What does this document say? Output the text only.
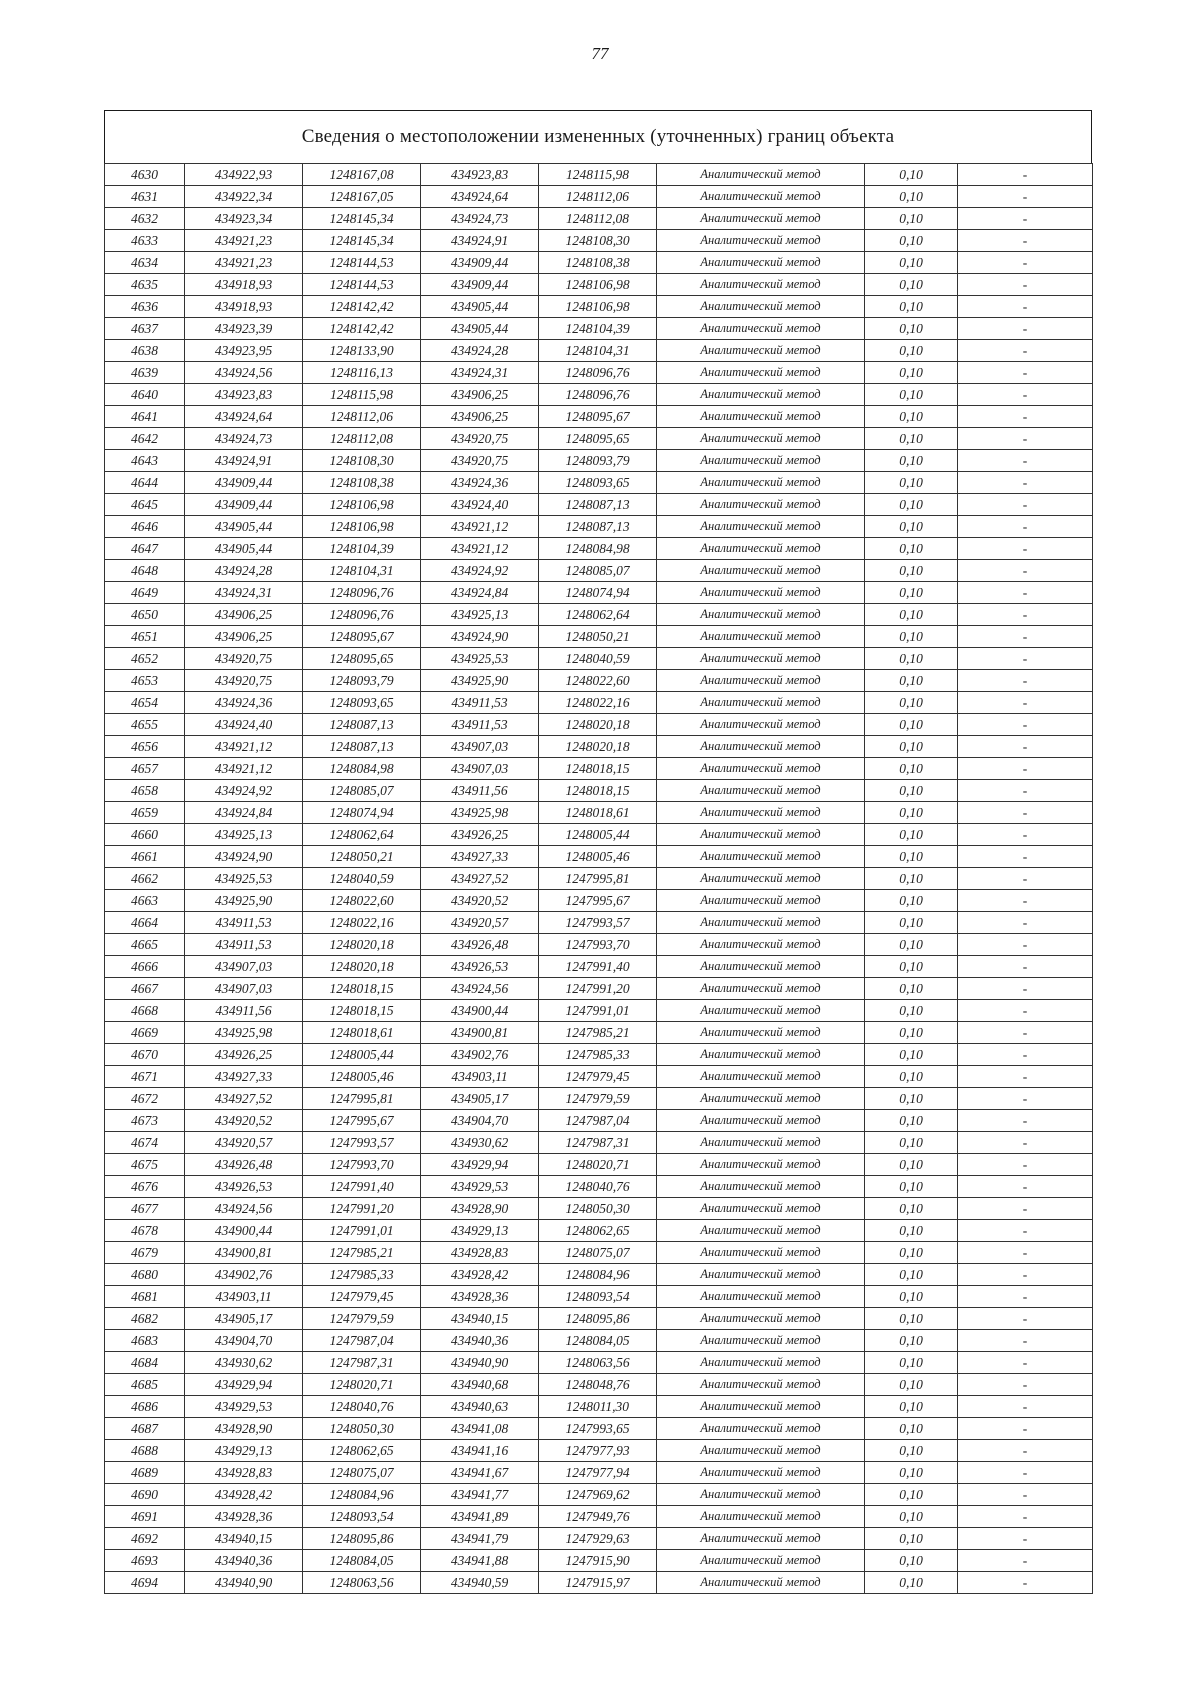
77
Сведения о местоположении измененных (уточненных) границ объекта
4630	434922,93	1248167,08	434923,83	1248115,98	Аналитический метод	0,10	-
4631	434922,34	1248167,05	434924,64	1248112,06	Аналитический метод	0,10	-
4632	434923,34	1248145,34	434924,73	1248112,08	Аналитический метод	0,10	-
4633	434921,23	1248145,34	434924,91	1248108,30	Аналитический метод	0,10	-
4634	434921,23	1248144,53	434909,44	1248108,38	Аналитический метод	0,10	-
4635	434918,93	1248144,53	434909,44	1248106,98	Аналитический метод	0,10	-
4636	434918,93	1248142,42	434905,44	1248106,98	Аналитический метод	0,10	-
4637	434923,39	1248142,42	434905,44	1248104,39	Аналитический метод	0,10	-
4638	434923,95	1248133,90	434924,28	1248104,31	Аналитический метод	0,10	-
4639	434924,56	1248116,13	434924,31	1248096,76	Аналитический метод	0,10	-
4640	434923,83	1248115,98	434906,25	1248096,76	Аналитический метод	0,10	-
4641	434924,64	1248112,06	434906,25	1248095,67	Аналитический метод	0,10	-
4642	434924,73	1248112,08	434920,75	1248095,65	Аналитический метод	0,10	-
4643	434924,91	1248108,30	434920,75	1248093,79	Аналитический метод	0,10	-
4644	434909,44	1248108,38	434924,36	1248093,65	Аналитический метод	0,10	-
4645	434909,44	1248106,98	434924,40	1248087,13	Аналитический метод	0,10	-
4646	434905,44	1248106,98	434921,12	1248087,13	Аналитический метод	0,10	-
4647	434905,44	1248104,39	434921,12	1248084,98	Аналитический метод	0,10	-
4648	434924,28	1248104,31	434924,92	1248085,07	Аналитический метод	0,10	-
4649	434924,31	1248096,76	434924,84	1248074,94	Аналитический метод	0,10	-
4650	434906,25	1248096,76	434925,13	1248062,64	Аналитический метод	0,10	-
4651	434906,25	1248095,67	434924,90	1248050,21	Аналитический метод	0,10	-
4652	434920,75	1248095,65	434925,53	1248040,59	Аналитический метод	0,10	-
4653	434920,75	1248093,79	434925,90	1248022,60	Аналитический метод	0,10	-
4654	434924,36	1248093,65	434911,53	1248022,16	Аналитический метод	0,10	-
4655	434924,40	1248087,13	434911,53	1248020,18	Аналитический метод	0,10	-
4656	434921,12	1248087,13	434907,03	1248020,18	Аналитический метод	0,10	-
4657	434921,12	1248084,98	434907,03	1248018,15	Аналитический метод	0,10	-
4658	434924,92	1248085,07	434911,56	1248018,15	Аналитический метод	0,10	-
4659	434924,84	1248074,94	434925,98	1248018,61	Аналитический метод	0,10	-
4660	434925,13	1248062,64	434926,25	1248005,44	Аналитический метод	0,10	-
4661	434924,90	1248050,21	434927,33	1248005,46	Аналитический метод	0,10	-
4662	434925,53	1248040,59	434927,52	1247995,81	Аналитический метод	0,10	-
4663	434925,90	1248022,60	434920,52	1247995,67	Аналитический метод	0,10	-
4664	434911,53	1248022,16	434920,57	1247993,57	Аналитический метод	0,10	-
4665	434911,53	1248020,18	434926,48	1247993,70	Аналитический метод	0,10	-
4666	434907,03	1248020,18	434926,53	1247991,40	Аналитический метод	0,10	-
4667	434907,03	1248018,15	434924,56	1247991,20	Аналитический метод	0,10	-
4668	434911,56	1248018,15	434900,44	1247991,01	Аналитический метод	0,10	-
4669	434925,98	1248018,61	434900,81	1247985,21	Аналитический метод	0,10	-
4670	434926,25	1248005,44	434902,76	1247985,33	Аналитический метод	0,10	-
4671	434927,33	1248005,46	434903,11	1247979,45	Аналитический метод	0,10	-
4672	434927,52	1247995,81	434905,17	1247979,59	Аналитический метод	0,10	-
4673	434920,52	1247995,67	434904,70	1247987,04	Аналитический метод	0,10	-
4674	434920,57	1247993,57	434930,62	1247987,31	Аналитический метод	0,10	-
4675	434926,48	1247993,70	434929,94	1248020,71	Аналитический метод	0,10	-
4676	434926,53	1247991,40	434929,53	1248040,76	Аналитический метод	0,10	-
4677	434924,56	1247991,20	434928,90	1248050,30	Аналитический метод	0,10	-
4678	434900,44	1247991,01	434929,13	1248062,65	Аналитический метод	0,10	-
4679	434900,81	1247985,21	434928,83	1248075,07	Аналитический метод	0,10	-
4680	434902,76	1247985,33	434928,42	1248084,96	Аналитический метод	0,10	-
4681	434903,11	1247979,45	434928,36	1248093,54	Аналитический метод	0,10	-
4682	434905,17	1247979,59	434940,15	1248095,86	Аналитический метод	0,10	-
4683	434904,70	1247987,04	434940,36	1248084,05	Аналитический метод	0,10	-
4684	434930,62	1247987,31	434940,90	1248063,56	Аналитический метод	0,10	-
4685	434929,94	1248020,71	434940,68	1248048,76	Аналитический метод	0,10	-
4686	434929,53	1248040,76	434940,63	1248011,30	Аналитический метод	0,10	-
4687	434928,90	1248050,30	434941,08	1247993,65	Аналитический метод	0,10	-
4688	434929,13	1248062,65	434941,16	1247977,93	Аналитический метод	0,10	-
4689	434928,83	1248075,07	434941,67	1247977,94	Аналитический метод	0,10	-
4690	434928,42	1248084,96	434941,77	1247969,62	Аналитический метод	0,10	-
4691	434928,36	1248093,54	434941,89	1247949,76	Аналитический метод	0,10	-
4692	434940,15	1248095,86	434941,79	1247929,63	Аналитический метод	0,10	-
4693	434940,36	1248084,05	434941,88	1247915,90	Аналитический метод	0,10	-
4694	434940,90	1248063,56	434940,59	1247915,97	Аналитический метод	0,10	-
